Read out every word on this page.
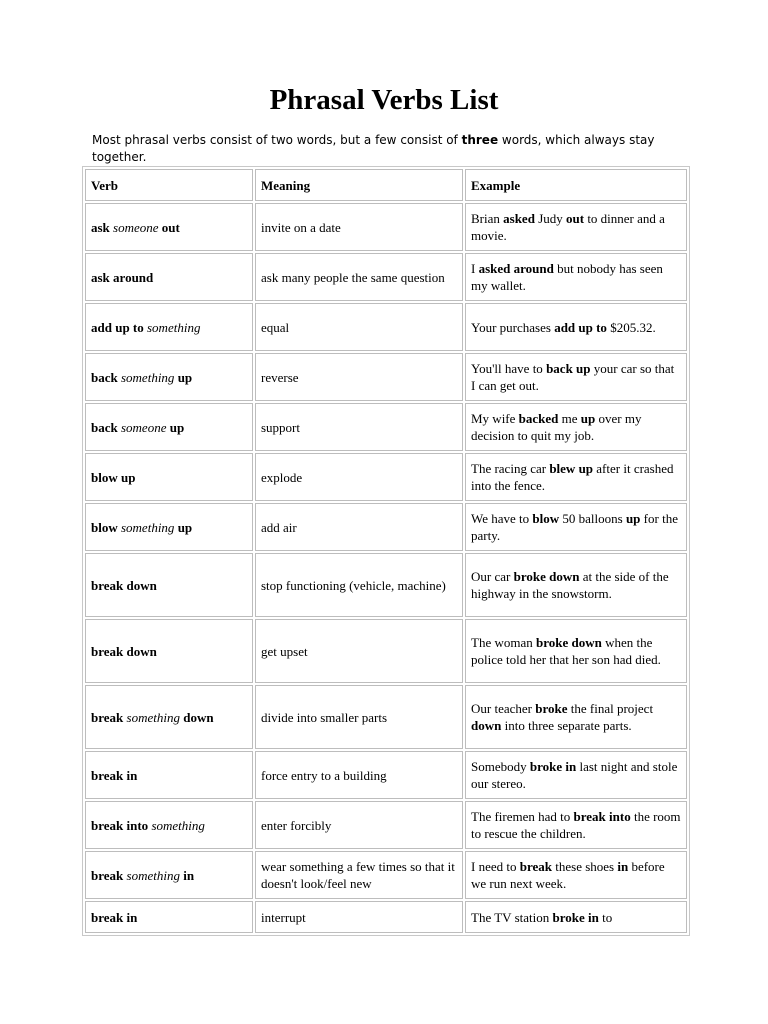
Phrasal Verbs List
Most phrasal verbs consist of two words, but a few consist of three words, which always stay together.
Verb	Meaning	Example
ask someone out	invite on a date	Brian asked Judy out to dinner and a movie.
ask around	ask many people the same question	I asked around but nobody has seen my wallet.
add up to something	equal	Your purchases add up to $205.32.
back something up	reverse	You'll have to back up your car so that I can get out.
back someone up	support	My wife backed me up over my decision to quit my job.
blow up	explode	The racing car blew up after it crashed into the fence.
blow something up	add air	We have to blow 50 balloons up for the party.
break down	stop functioning (vehicle, machine)	Our car broke down at the side of the highway in the snowstorm.
break down	get upset	The woman broke down when the police told her that her son had died.
break something down	divide into smaller parts	Our teacher broke the final project down into three separate parts.
break in	force entry to a building	Somebody broke in last night and stole our stereo.
break into something	enter forcibly	The firemen had to break into the room to rescue the children.
break something in	wear something a few times so that it doesn't look/feel new	I need to break these shoes in before we run next week.
break in	interrupt	The TV station broke in to
